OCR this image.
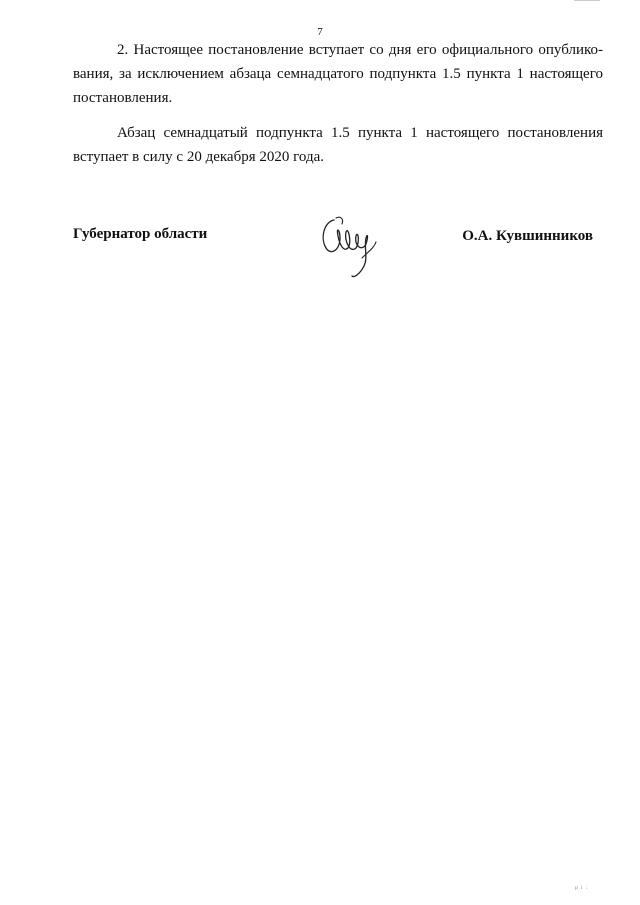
7

2. Настоящее постановление вступает со дня его официального опублико-вания, за исключением абзаца семнадцатого подпункта 1.5 пункта 1 настоящего постановления.

Абзац семнадцатый подпункта 1.5 пункта 1 настоящего постановления вступает в силу с 20 декабря 2020 года.

Губернатор области	О.А. Кувшинников
p i :
